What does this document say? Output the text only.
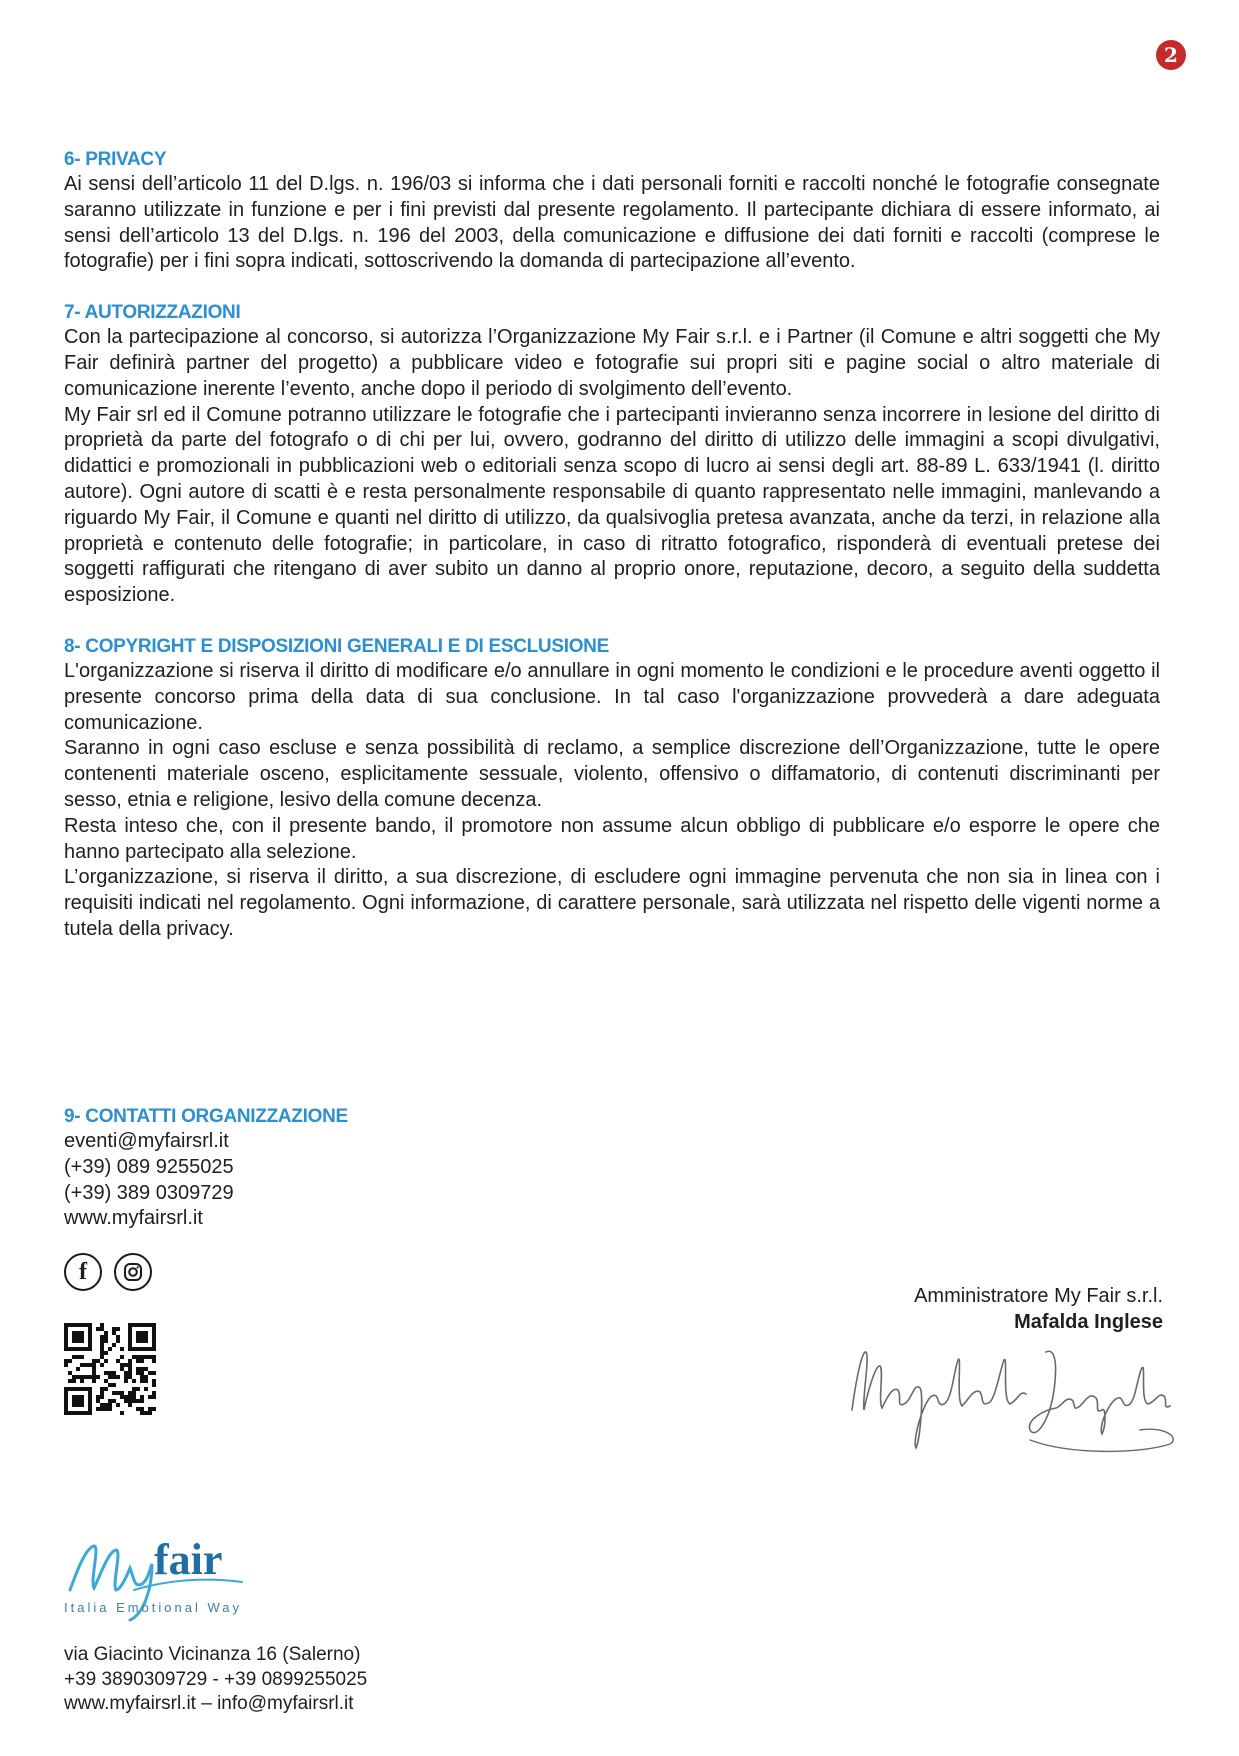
2
6- PRIVACY

Ai sensi dell’articolo 11 del D.lgs. n. 196/03 si informa che i dati personali forniti e raccolti nonché le fotografie consegnate saranno utilizzate in funzione e per i fini previsti dal presente regolamento. Il partecipante dichiara di essere informato, ai sensi dell’articolo 13 del D.lgs. n. 196 del 2003, della comunicazione e diffusione dei dati forniti e raccolti (comprese le fotografie) per i fini sopra indicati, sottoscrivendo la domanda di partecipazione all’evento.

7- AUTORIZZAZIONI

Con la partecipazione al concorso, si autorizza l’Organizzazione My Fair s.r.l. e i Partner (il Comune e altri soggetti che My Fair definirà partner del progetto) a pubblicare video e fotografie sui propri siti e pagine social o altro materiale di comunicazione inerente l’evento, anche dopo il periodo di svolgimento dell’evento.

My Fair srl ed il Comune potranno utilizzare le fotografie che i partecipanti invieranno senza incorrere in lesione del diritto di proprietà da parte del fotografo o di chi per lui, ovvero, godranno del diritto di utilizzo delle immagini a scopi divulgativi, didattici e promozionali in pubblicazioni web o editoriali senza scopo di lucro ai sensi degli art. 88-89 L. 633/1941 (l. diritto autore). Ogni autore di scatti è e resta personalmente responsabile di quanto rappresentato nelle immagini, manlevando a riguardo My Fair, il Comune e quanti nel diritto di utilizzo, da qualsivoglia pretesa avanzata, anche da terzi, in relazione alla proprietà e contenuto delle fotografie; in particolare, in caso di ritratto fotografico, risponderà di eventuali pretese dei soggetti raffigurati che ritengano di aver subito un danno al proprio onore, reputazione, decoro, a seguito della suddetta esposizione.

8- COPYRIGHT E DISPOSIZIONI GENERALI E DI ESCLUSIONE

L'organizzazione si riserva il diritto di modificare e/o annullare in ogni momento le condizioni e le procedure aventi oggetto il presente concorso prima della data di sua conclusione. In tal caso l'organizzazione provvederà a dare adeguata comunicazione.

Saranno in ogni caso escluse e senza possibilità di reclamo, a semplice discrezione dell’Organizzazione, tutte le opere contenenti materiale osceno, esplicitamente sessuale, violento, offensivo o diffamatorio, di contenuti discriminanti per sesso, etnia e religione, lesivo della comune decenza.

Resta inteso che, con il presente bando, il promotore non assume alcun obbligo di pubblicare e/o esporre le opere che hanno partecipato alla selezione.

L’organizzazione, si riserva il diritto, a sua discrezione, di escludere ogni immagine pervenuta che non sia in linea con i requisiti indicati nel regolamento. Ogni informazione, di carattere personale, sarà utilizzata nel rispetto delle vigenti norme a tutela della privacy.

9- CONTATTI ORGANIZZAZIONE
eventi@myfairsrl.it
(+39) 089 9255025
(+39) 389 0309729
www.myfairsrl.it
f
Amministratore My Fair s.r.l.
Mafalda Inglese
fair
Italia Emotional Way
via Giacinto Vicinanza 16 (Salerno)
+39 3890309729 - +39 0899255025
www.myfairsrl.it – info@myfairsrl.it
